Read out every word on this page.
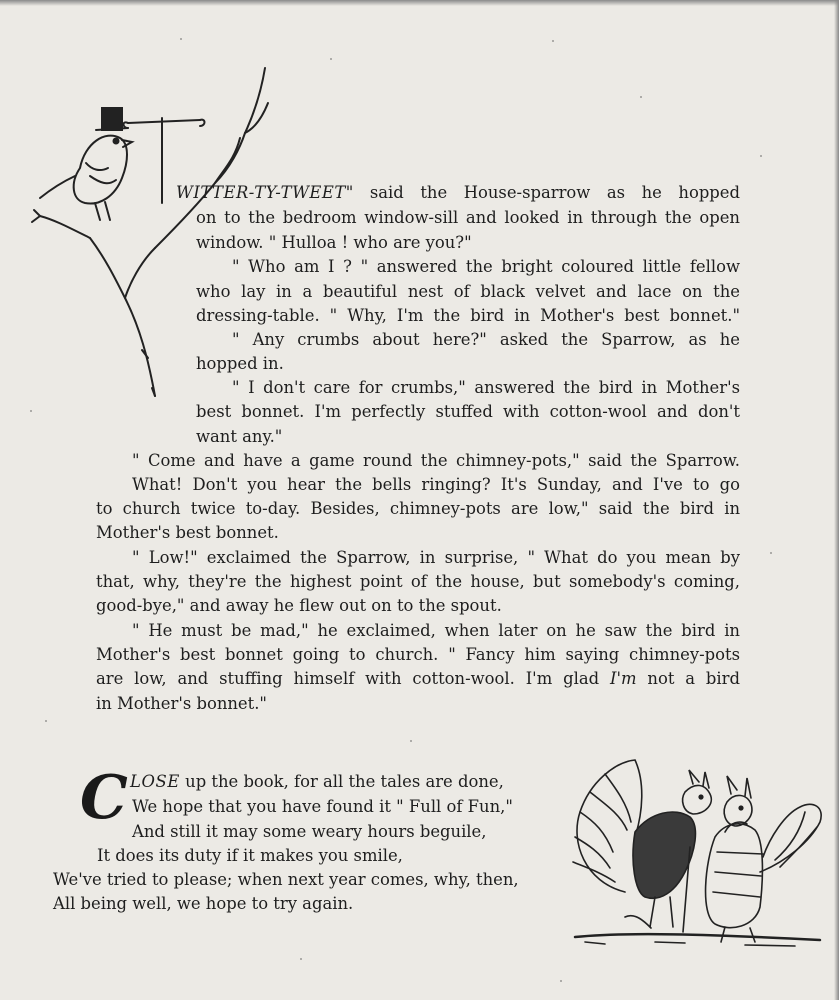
WITTER-TY-TWEET" said the House-sparrow as he hopped
on to the bedroom window-sill and looked in through the open
window. " Hulloa ! who are you?"
" Who am I ? " answered the bright coloured little fellow
who lay in a beautiful nest of black velvet and lace on the
dressing-table. " Why, I'm the bird in Mother's best bonnet."
" Any crumbs about here?" asked the Sparrow, as he
hopped in.
" I don't care for crumbs," answered the bird in Mother's
best bonnet. I'm perfectly stuffed with cotton-wool and don't
want any."
" Come and have a game round the chimney-pots," said the Sparrow.
What! Don't you hear the bells ringing? It's Sunday, and I've to go
to church twice to-day. Besides, chimney-pots are low," said the bird in
Mother's best bonnet.
" Low!" exclaimed the Sparrow, in surprise, " What do you mean by
that, why, they're the highest point of the house, but somebody's coming,
good-bye," and away he flew out on to the spout.
" He must be mad," he exclaimed, when later on he saw the bird in
Mother's best bonnet going to church. " Fancy him saying chimney-pots
are low, and stuffing himself with cotton-wool. I'm glad I'm not a bird
in Mother's bonnet."
C LOSE up the book, for all the tales are done,
We hope that you have found it " Full of Fun,"
And still it may some weary hours beguile,
It does its duty if it makes you smile,
We've tried to please; when next year comes, why, then,
All being well, we hope to try again.
